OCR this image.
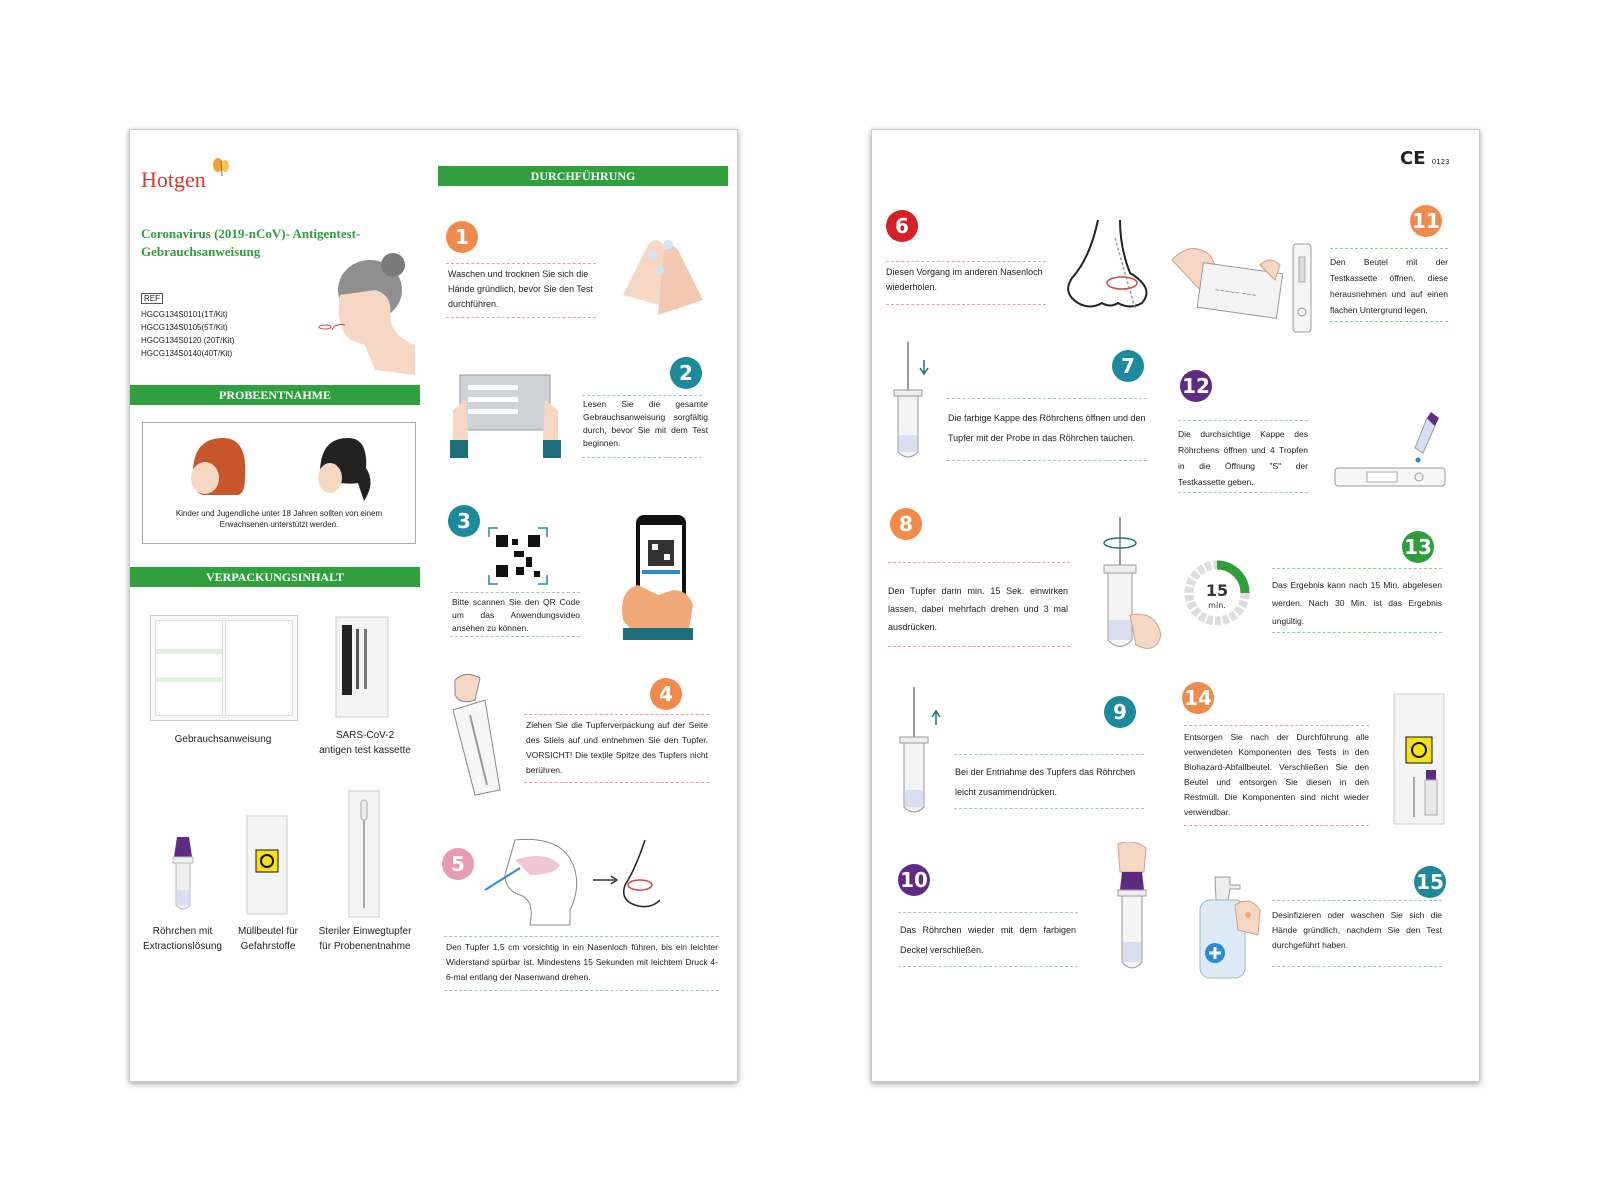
Hotgen
Coronavirus (2019-nCoV)- Antigentest-
Gebrauchsanweisung
REF
HGCG134S0101(1T/Kit)
HGCG134S0105(5T/Kit)
HGCG134S0120 (20T/Kit)
HGCG134S0140(40T/Kit)
DURCHFÜHRUNG
PROBEENTNAHME
Kinder und Jugendliche unter 18 Jahren sollten von einem Erwachsenen unterstützt werden.
VERPACKUNGSINHALT
Gebrauchsanweisung	SARS-CoV-2
antigen test kassette
Röhrchen mit
Extractionslösung
Müllbeutel für
Gefahrstoffe
Steriler Einwegtupfer
für Probenentnahme
1
Waschen und trocknen Sie sich die Hände gründlich, bevor Sie den Test durchführen.
2
Lesen Sie die gesamte Gebrauchsanweisung sorgfältig durch, bevor Sie mit dem Test beginnen.
3
Bitte scannen Sie den QR Code um das Anwendungsvideo ansehen zu können.
4
Ziehen Sie die Tupferverpackung auf der Seite des Stiels auf und entnehmen Sie den Tupfer. VORSICHT! Die textile Spitze des Tupfers nicht berühren.
5
Den Tupfer 1,5 cm vorsichtig in ein Nasenloch führen, bis ein leichter Widerstand spürbar ist. Mindestens 15 Sekunden mit leichtem Druck 4-6-mal entlang der Nasenwand drehen.
CE 0123
6
Diesen Vorgang im anderen Nasenloch wiederholen.
7
Die farbige Kappe des Röhrchens öffnen und den Tupfer mit der Probe in das Röhrchen tauchen.
8
Den Tupfer darin min. 15 Sek. einwirken lassen, dabei mehrfach drehen und 3 mal ausdrücken.
9
Bei der Entnahme des Tupfers das Röhrchen leicht zusammendrücken.
10
Das Röhrchen wieder mit dem farbigen Deckel verschließen.
~~~~~ ~~~
11
Den Beutel mit der Testkassette öffnen, diese herausnehmen und auf einen flachen Untergrund legen.
12
Die durchsichtige Kappe des Röhrchens öffnen und 4 Tropfen in die Öffnung "S" der Testkassette geben.
15
min.
13
Das Ergebnis kann nach 15 Min. abgelesen werden. Nach 30 Min. ist das Ergebnis ungültig.
14
Entsorgen Sie nach der Durchführung alle verwendeten Komponenten des Tests in den Biohazard-Abfallbeutel. Verschließen Sie den Beutel und entsorgen Sie diesen in den Restmüll. Die Komponenten sind nicht wieder verwendbar.
15
Desinfizieren oder waschen Sie sich die Hände gründlich, nachdem Sie den Test durchgeführt haben.
